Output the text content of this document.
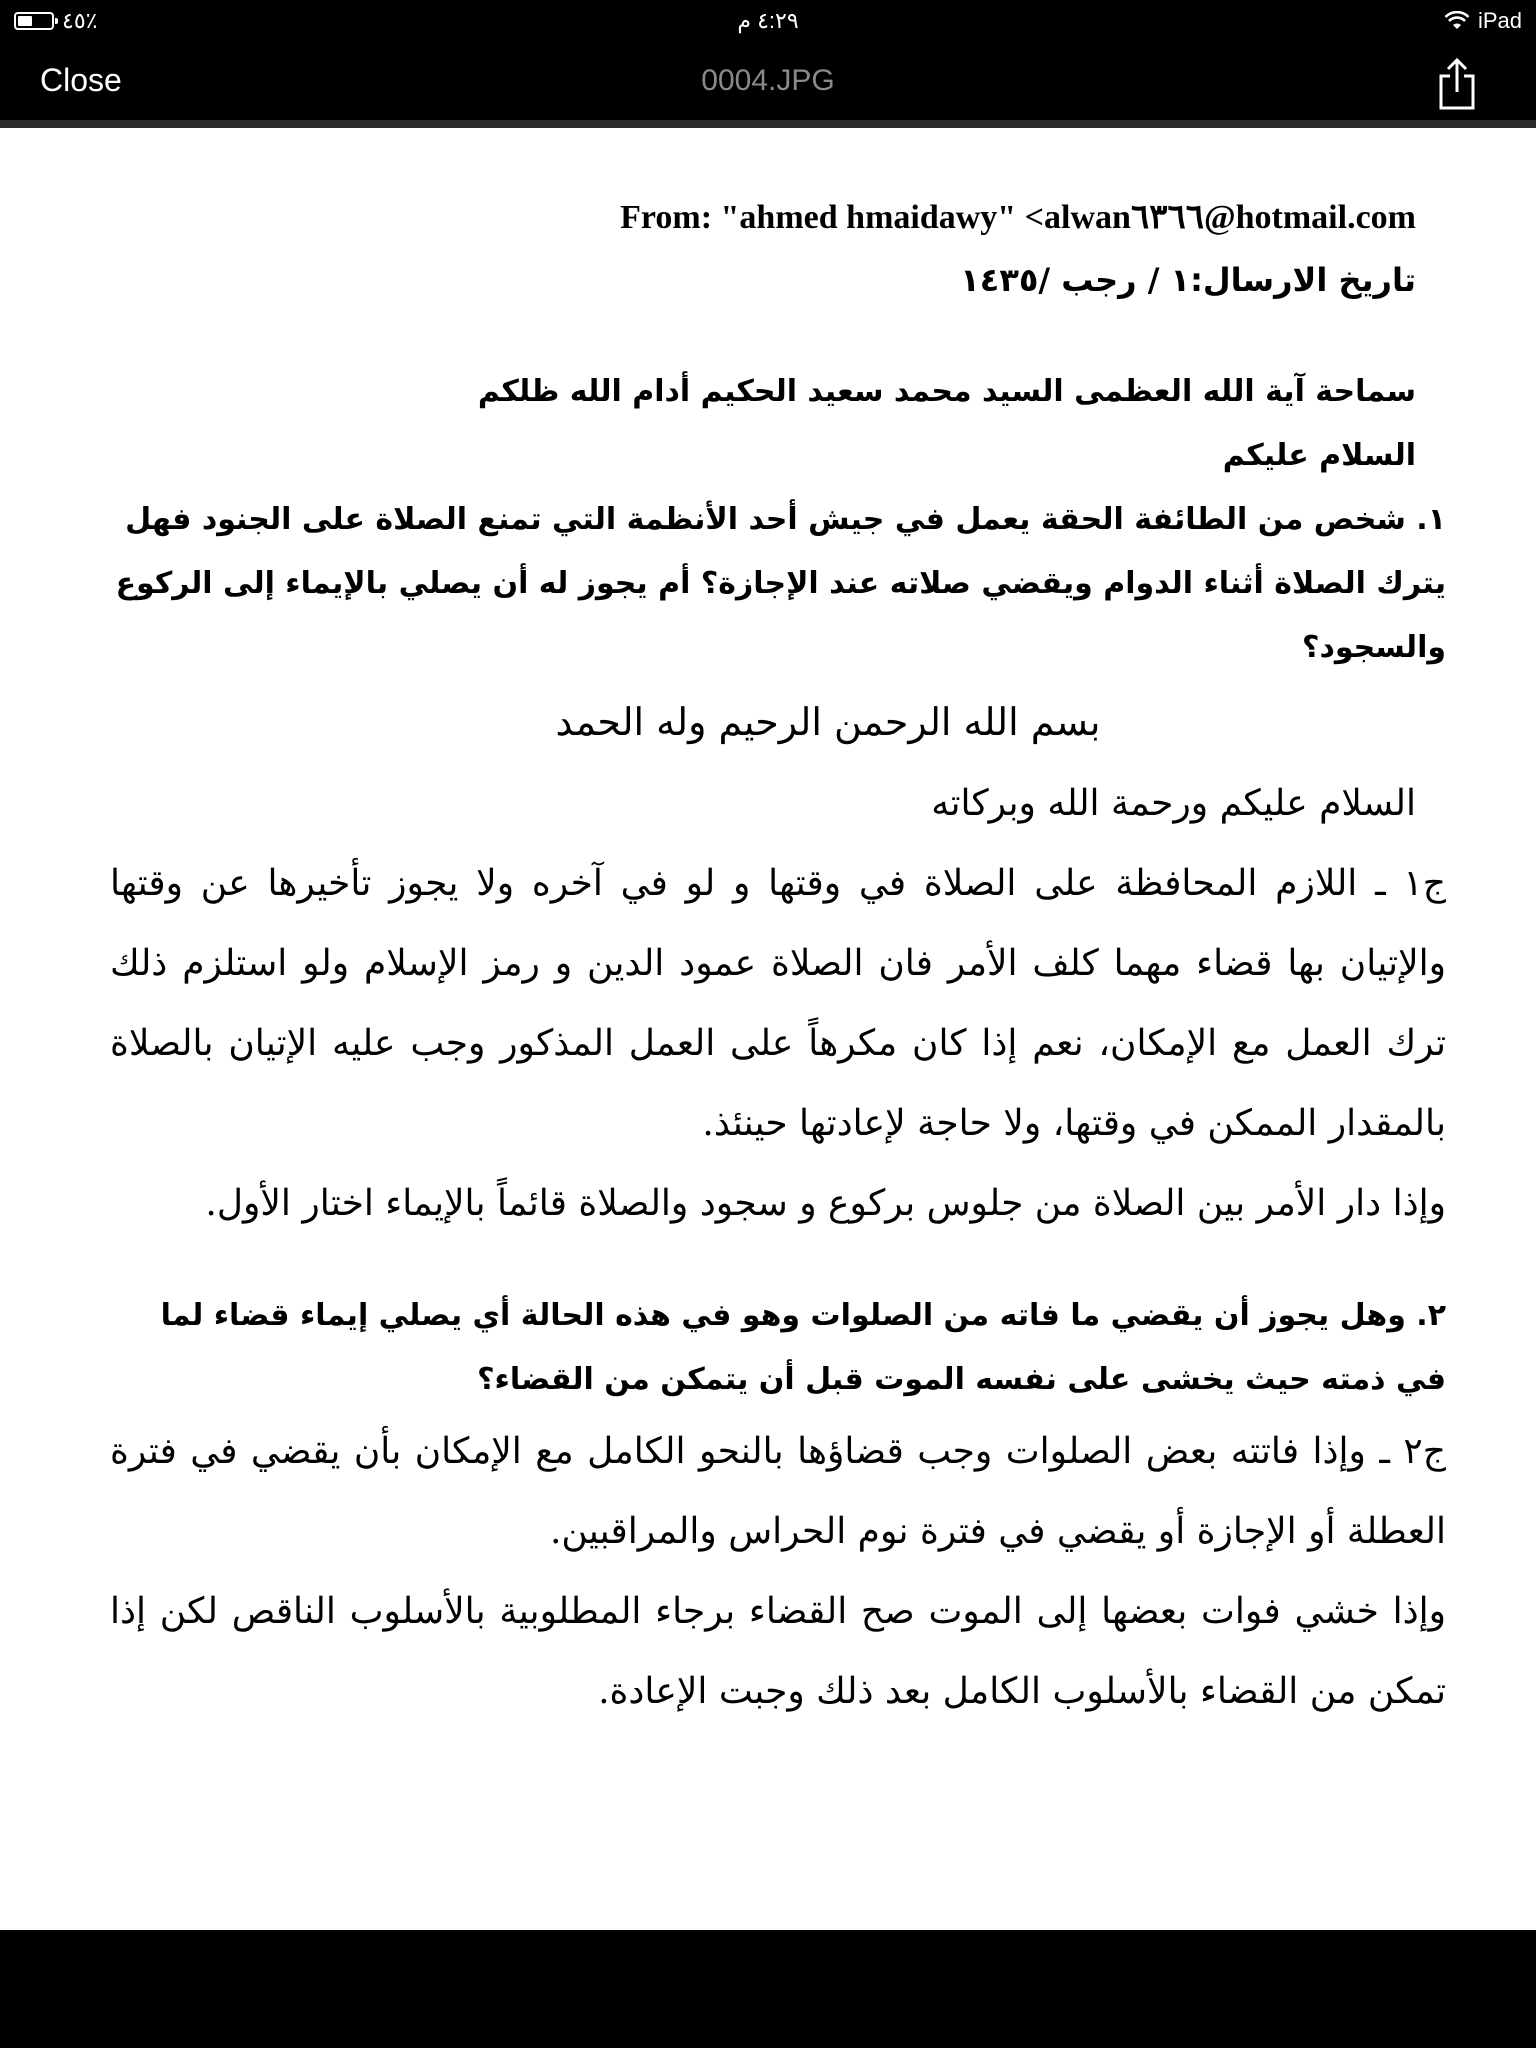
٤٥٪	٤:٢٩ م	iPad
Close	0004.JPG
From: "ahmed hmaidawy" <alwan٦٣٦٦@hotmail.com
تاريخ الارسال:١ / رجب /١٤٣٥
سماحة آية الله العظمى السيد محمد سعيد الحكيم أدام الله ظلكم
السلام عليكم
١. شخص من الطائفة الحقة يعمل في جيش أحد الأنظمة التي تمنع الصلاة على الجنود فهل يترك الصلاة أثناء الدوام ويقضي صلاته عند الإجازة؟ أم يجوز له أن يصلي بالإيماء إلى الركوع والسجود؟
بسم الله الرحمن الرحيم وله الحمد
السلام عليكم ورحمة الله وبركاته
ج١ ـ اللازم المحافظة على الصلاة في وقتها و لو في آخره ولا يجوز تأخيرها عن وقتها والإتيان بها قضاء مهما كلف الأمر فان الصلاة عمود الدين و رمز الإسلام ولو استلزم ذلك ترك العمل مع الإمكان، نعم إذا كان مكرهاً على العمل المذكور وجب عليه الإتيان بالصلاة بالمقدار الممكن في وقتها، ولا حاجة لإعادتها حينئذ.
وإذا دار الأمر بين الصلاة من جلوس بركوع و سجود والصلاة قائماً بالإيماء اختار الأول.
٢. وهل يجوز أن يقضي ما فاته من الصلوات وهو في هذه الحالة أي يصلي إيماء قضاء لما في ذمته حيث يخشى على نفسه الموت قبل أن يتمكن من القضاء؟
ج٢ ـ وإذا فاتته بعض الصلوات وجب قضاؤها بالنحو الكامل مع الإمكان بأن يقضي في فترة العطلة أو الإجازة أو يقضي في فترة نوم الحراس والمراقبين.
وإذا خشي فوات بعضها إلى الموت صح القضاء برجاء المطلوبية بالأسلوب الناقص لكن إذا تمكن من القضاء بالأسلوب الكامل بعد ذلك وجبت الإعادة.
